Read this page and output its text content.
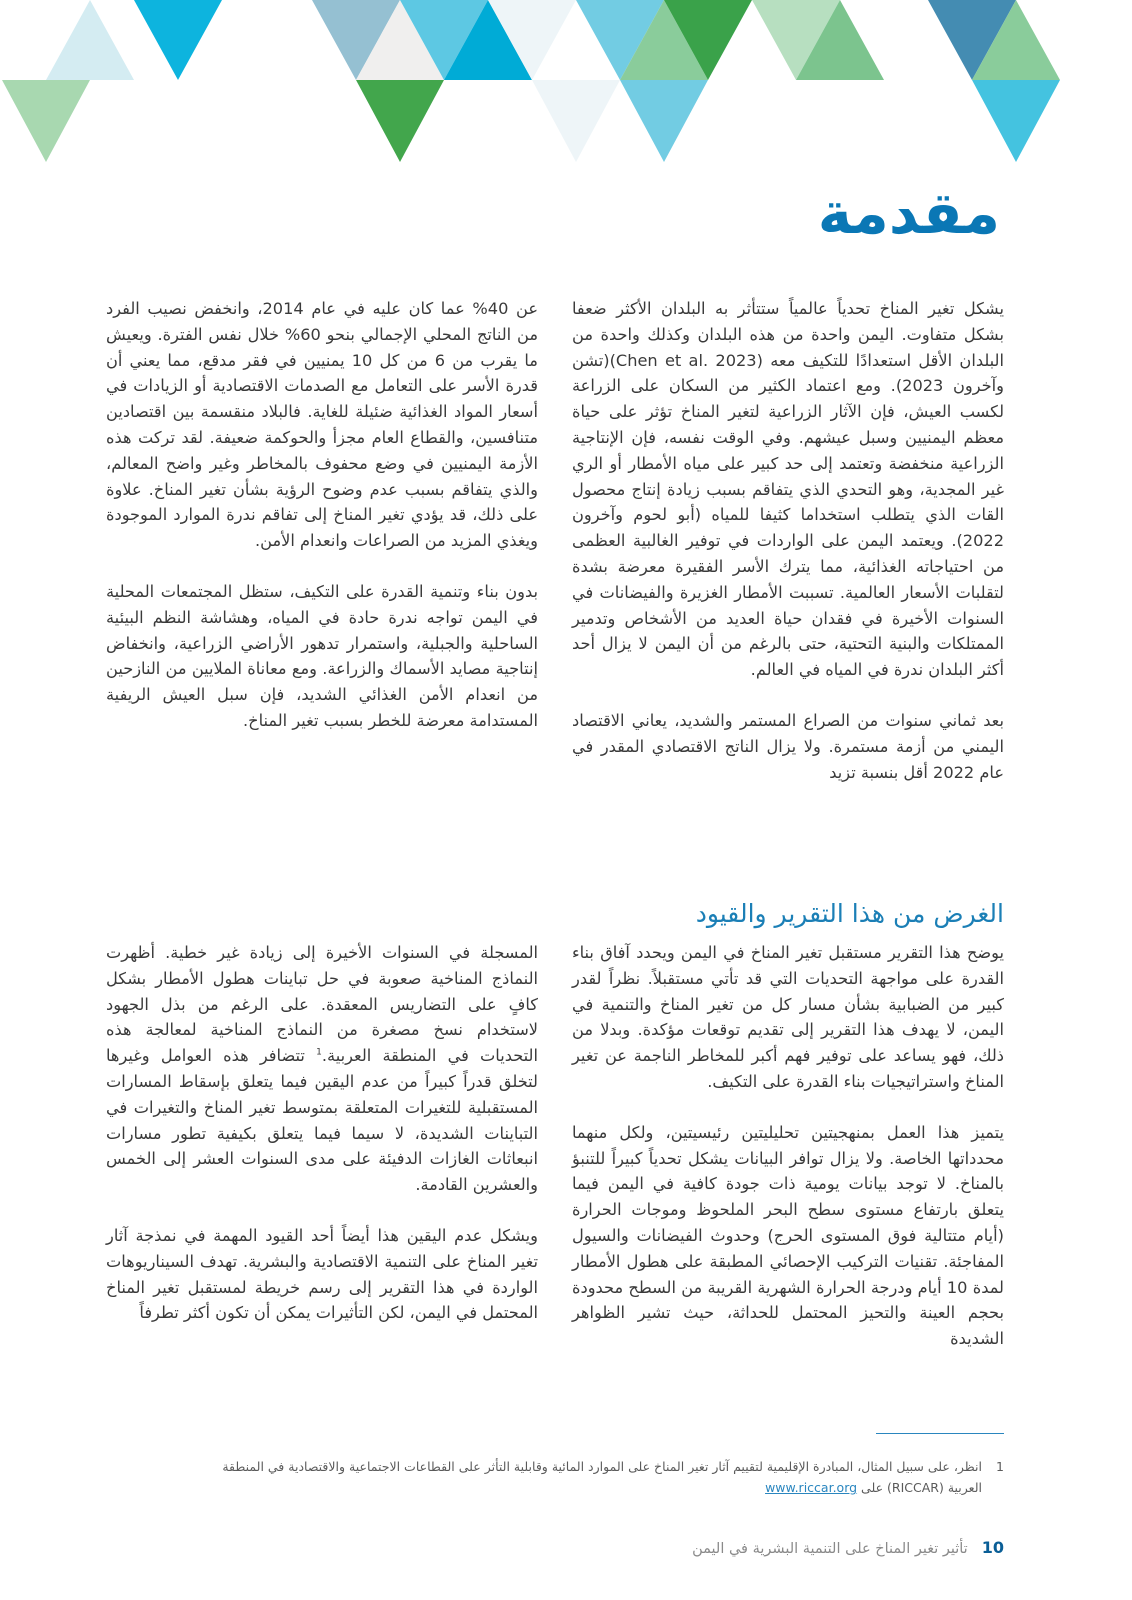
مقدمة

يشكل تغير المناخ تحدياً عالمياً ستتأثر به البلدان الأكثر ضعفا بشكل متفاوت. اليمن واحدة من هذه البلدان وكذلك واحدة من البلدان الأقل استعدادًا للتكيف معه (Chen et al. 2023)(تشن وآخرون 2023). ومع اعتماد الكثير من السكان على الزراعة لكسب العيش، فإن الآثار الزراعية لتغير المناخ تؤثر على حياة معظم اليمنيين وسبل عيشهم. وفي الوقت نفسه، فإن الإنتاجية الزراعية منخفضة وتعتمد إلى حد كبير على مياه الأمطار أو الري غير المجدية، وهو التحدي الذي يتفاقم بسبب زيادة إنتاج محصول القات الذي يتطلب استخداما كثيفا للمياه (أبو لحوم وآخرون 2022). ويعتمد اليمن على الواردات في توفير الغالبية العظمى من احتياجاته الغذائية، مما يترك الأسر الفقيرة معرضة بشدة لتقلبات الأسعار العالمية. تسببت الأمطار الغزيرة والفيضانات في السنوات الأخيرة في فقدان حياة العديد من الأشخاص وتدمير الممتلكات والبنية التحتية، حتى بالرغم من أن اليمن لا يزال أحد أكثر البلدان ندرة في المياه في العالم.

بعد ثماني سنوات من الصراع المستمر والشديد، يعاني الاقتصاد اليمني من أزمة مستمرة. ولا يزال الناتج الاقتصادي المقدر في عام 2022 أقل بنسبة تزيد

عن 40% عما كان عليه في عام 2014، وانخفض نصيب الفرد من الناتج المحلي الإجمالي بنحو 60% خلال نفس الفترة. ويعيش ما يقرب من 6 من كل 10 يمنيين في فقر مدقع، مما يعني أن قدرة الأسر على التعامل مع الصدمات الاقتصادية أو الزيادات في أسعار المواد الغذائية ضئيلة للغاية. فالبلاد منقسمة بين اقتصادين متنافسين، والقطاع العام مجزأ والحوكمة ضعيفة. لقد تركت هذه الأزمة اليمنيين في وضع محفوف بالمخاطر وغير واضح المعالم، والذي يتفاقم بسبب عدم وضوح الرؤية بشأن تغير المناخ. علاوة على ذلك، قد يؤدي تغير المناخ إلى تفاقم ندرة الموارد الموجودة ويغذي المزيد من الصراعات وانعدام الأمن.

بدون بناء وتنمية القدرة على التكيف، ستظل المجتمعات المحلية في اليمن تواجه ندرة حادة في المياه، وهشاشة النظم البيئية الساحلية والجبلية، واستمرار تدهور الأراضي الزراعية، وانخفاض إنتاجية مصايد الأسماك والزراعة. ومع معاناة الملايين من النازحين من انعدام الأمن الغذائي الشديد، فإن سبل العيش الريفية المستدامة معرضة للخطر بسبب تغير المناخ.

الغرض من هذا التقرير والقيود

يوضح هذا التقرير مستقبل تغير المناخ في اليمن ويحدد آفاق بناء القدرة على مواجهة التحديات التي قد تأتي مستقبلاً. نظراً لقدر كبير من الضبابية بشأن مسار كل من تغير المناخ والتنمية في اليمن، لا يهدف هذا التقرير إلى تقديم توقعات مؤكدة. وبدلا من ذلك، فهو يساعد على توفير فهم أكبر للمخاطر الناجمة عن تغير المناخ واستراتيجيات بناء القدرة على التكيف.

يتميز هذا العمل بمنهجيتين تحليليتين رئيسيتين، ولكل منهما محدداتها الخاصة. ولا يزال توافر البيانات يشكل تحدياً كبيراً للتنبؤ بالمناخ. لا توجد بيانات يومية ذات جودة كافية في اليمن فيما يتعلق بارتفاع مستوى سطح البحر الملحوظ وموجات الحرارة (أيام متتالية فوق المستوى الحرج) وحدوث الفيضانات والسيول المفاجئة. تقنيات التركيب الإحصائي المطبقة على هطول الأمطار لمدة 10 أيام ودرجة الحرارة الشهرية القريبة من السطح محدودة بحجم العينة والتحيز المحتمل للحداثة، حيث تشير الظواهر الشديدة

المسجلة في السنوات الأخيرة إلى زيادة غير خطية. أظهرت النماذج المناخية صعوبة في حل تباينات هطول الأمطار بشكل كافٍ على التضاريس المعقدة. على الرغم من بذل الجهود لاستخدام نسخ مصغرة من النماذج المناخية لمعالجة هذه التحديات في المنطقة العربية.$^1$ تتضافر هذه العوامل وغيرها لتخلق قدراً كبيراً من عدم اليقين فيما يتعلق بإسقاط المسارات المستقبلية للتغيرات المتعلقة بمتوسط تغير المناخ والتغيرات في التباينات الشديدة، لا سيما فيما يتعلق بكيفية تطور مسارات انبعاثات الغازات الدفيئة على مدى السنوات العشر إلى الخمس والعشرين القادمة.

ويشكل عدم اليقين هذا أيضاً أحد القيود المهمة في نمذجة آثار تغير المناخ على التنمية الاقتصادية والبشرية. تهدف السيناريوهات الواردة في هذا التقرير إلى رسم خريطة لمستقبل تغير المناخ المحتمل في اليمن، لكن التأثيرات يمكن أن تكون أكثر تطرفاً

1انظر، على سبيل المثال، المبادرة الإقليمية لتقييم آثار تغير المناخ على الموارد المائية وقابلية التأثر على القطاعات الاجتماعية والاقتصادية في المنطقة
العربية (RICCAR) على www.riccar.org
10تأثير تغير المناخ على التنمية البشرية في اليمن
